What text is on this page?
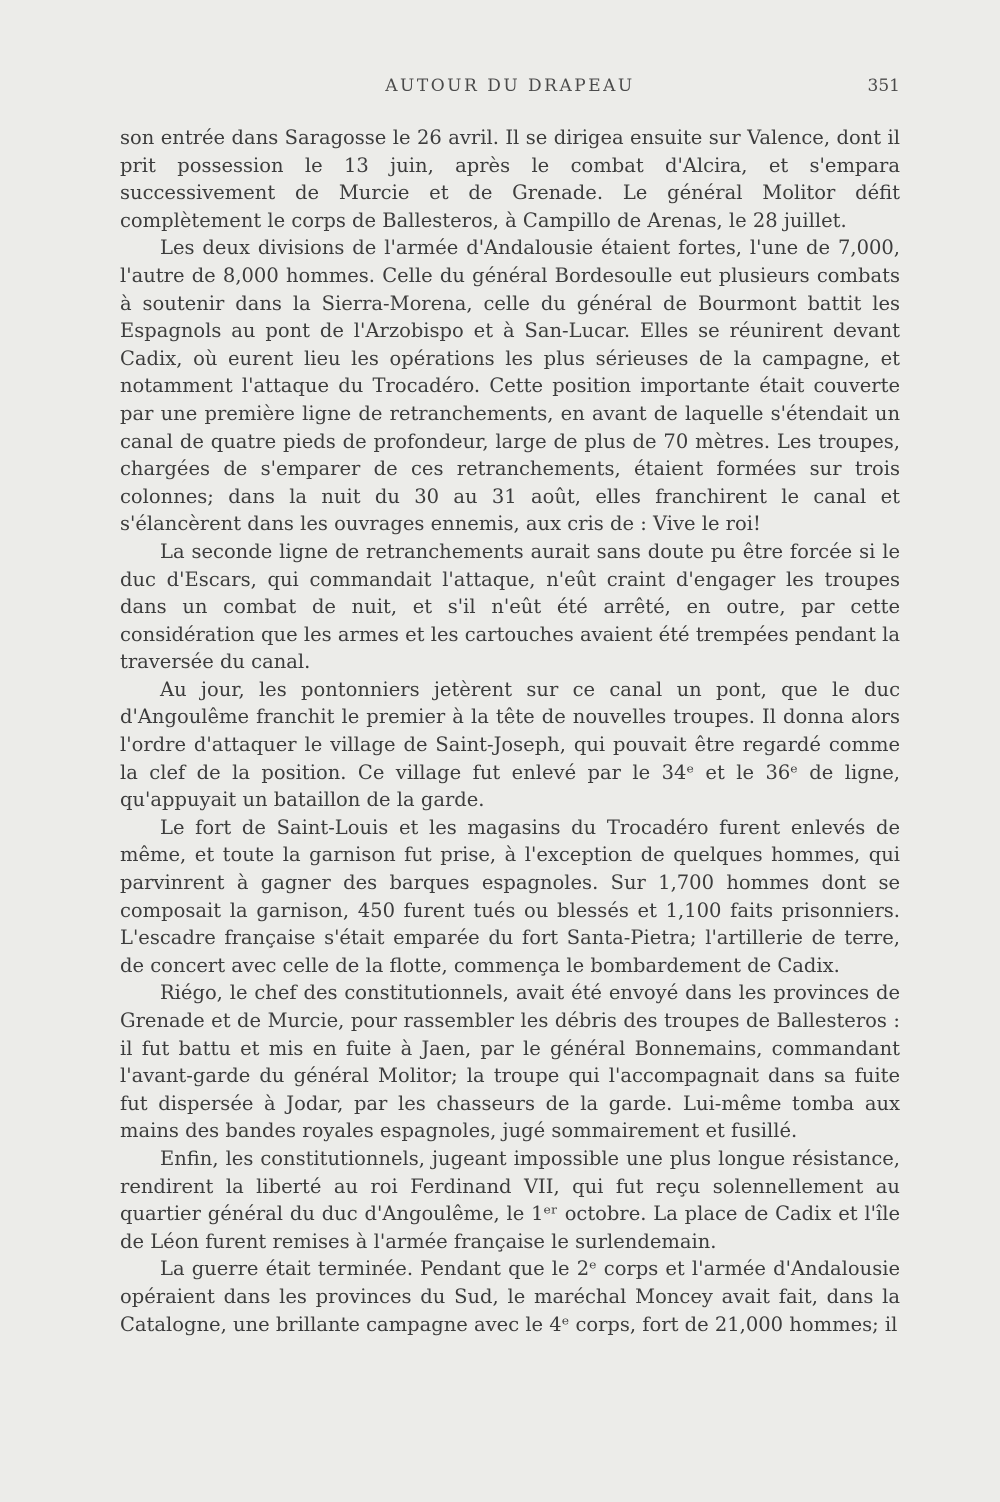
AUTOUR DU DRAPEAU	351

son entrée dans Saragosse le 26 avril. Il se dirigea ensuite sur Valence, dont il prit possession le 13 juin, après le combat d'Alcira, et s'empara successivement de Murcie et de Grenade. Le général Molitor défit complètement le corps de Ballesteros, à Campillo de Arenas, le 28 juillet.

Les deux divisions de l'armée d'Andalousie étaient fortes, l'une de 7,000, l'autre de 8,000 hommes. Celle du général Bordesoulle eut plusieurs combats à soutenir dans la Sierra-Morena, celle du général de Bourmont battit les Espagnols au pont de l'Arzobispo et à San-Lucar. Elles se réunirent devant Cadix, où eurent lieu les opérations les plus sérieuses de la campagne, et notamment l'attaque du Trocadéro. Cette position importante était couverte par une première ligne de retranchements, en avant de laquelle s'étendait un canal de quatre pieds de profondeur, large de plus de 70 mètres. Les troupes, chargées de s'emparer de ces retranchements, étaient formées sur trois colonnes; dans la nuit du 30 au 31 août, elles franchirent le canal et s'élancèrent dans les ouvrages ennemis, aux cris de : Vive le roi!

La seconde ligne de retranchements aurait sans doute pu être forcée si le duc d'Escars, qui commandait l'attaque, n'eût craint d'engager les troupes dans un combat de nuit, et s'il n'eût été arrêté, en outre, par cette considération que les armes et les cartouches avaient été trempées pendant la traversée du canal.

Au jour, les pontonniers jetèrent sur ce canal un pont, que le duc d'Angoulême franchit le premier à la tête de nouvelles troupes. Il donna alors l'ordre d'attaquer le village de Saint-Joseph, qui pouvait être regardé comme la clef de la position. Ce village fut enlevé par le 34ᵉ et le 36ᵉ de ligne, qu'appuyait un bataillon de la garde.

Le fort de Saint-Louis et les magasins du Trocadéro furent enlevés de même, et toute la garnison fut prise, à l'exception de quelques hommes, qui parvinrent à gagner des barques espagnoles. Sur 1,700 hommes dont se composait la garnison, 450 furent tués ou blessés et 1,100 faits prisonniers. L'escadre française s'était emparée du fort Santa-Pietra; l'artillerie de terre, de concert avec celle de la flotte, commença le bombardement de Cadix.

Riégo, le chef des constitutionnels, avait été envoyé dans les provinces de Grenade et de Murcie, pour rassembler les débris des troupes de Ballesteros : il fut battu et mis en fuite à Jaen, par le général Bonnemains, commandant l'avant-garde du général Molitor; la troupe qui l'accompagnait dans sa fuite fut dispersée à Jodar, par les chasseurs de la garde. Lui-même tomba aux mains des bandes royales espagnoles, jugé sommairement et fusillé.

Enfin, les constitutionnels, jugeant impossible une plus longue résistance, rendirent la liberté au roi Ferdinand VII, qui fut reçu solennellement au quartier général du duc d'Angoulême, le 1ᵉʳ octobre. La place de Cadix et l'île de Léon furent remises à l'armée française le surlendemain.

La guerre était terminée. Pendant que le 2ᵉ corps et l'armée d'Andalousie opéraient dans les provinces du Sud, le maréchal Moncey avait fait, dans la Catalogne, une brillante campagne avec le 4ᵉ corps, fort de 21,000 hommes; il
